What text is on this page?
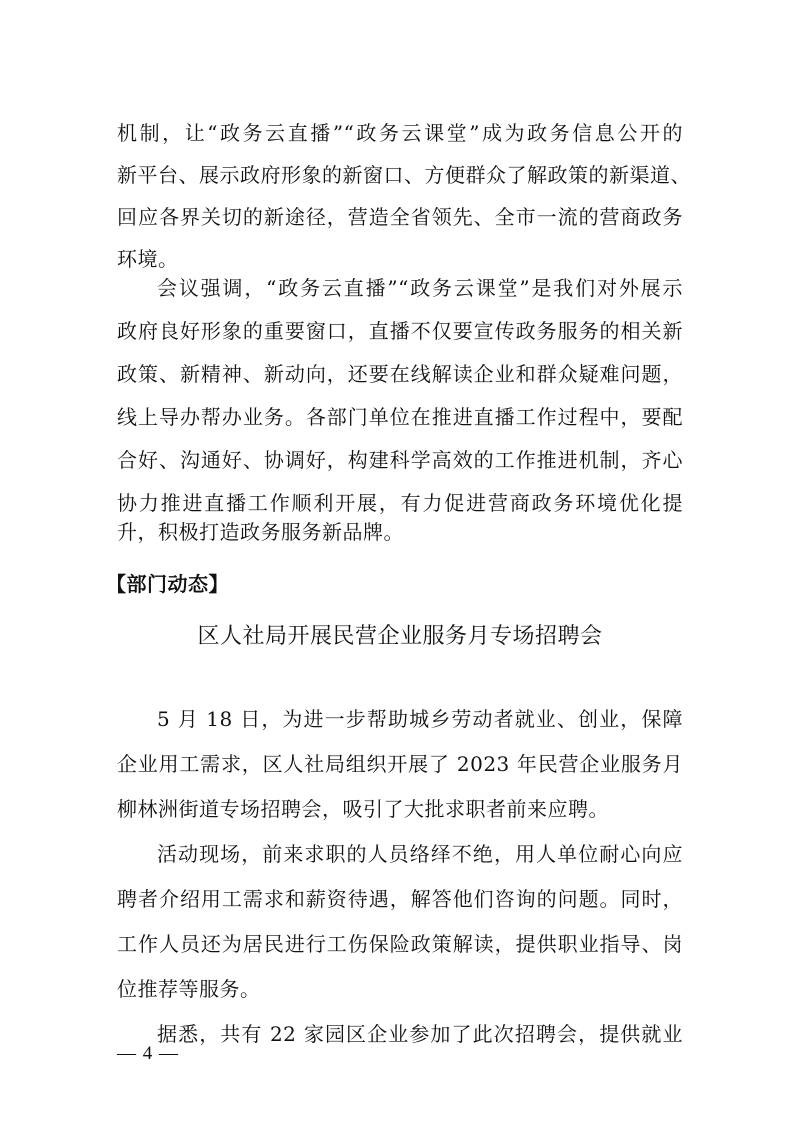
机制，让“政务云直播”“政务云课堂”成为政务信息公开的
新平台、展示政府形象的新窗口、方便群众了解政策的新渠道、
回应各界关切的新途径，营造全省领先、全市一流的营商政务
环境。
会议强调，“政务云直播”“政务云课堂”是我们对外展示
政府良好形象的重要窗口，直播不仅要宣传政务服务的相关新
政策、新精神、新动向，还要在线解读企业和群众疑难问题，
线上导办帮办业务。各部门单位在推进直播工作过程中，要配
合好、沟通好、协调好，构建科学高效的工作推进机制，齐心
协力推进直播工作顺利开展，有力促进营商政务环境优化提
升，积极打造政务服务新品牌。
【部门动态】
区人社局开展民营企业服务月专场招聘会
5 月 18 日，为进一步帮助城乡劳动者就业、创业，保障
企业用工需求，区人社局组织开展了 2023 年民营企业服务月
柳林洲街道专场招聘会，吸引了大批求职者前来应聘。
活动现场，前来求职的人员络绎不绝，用人单位耐心向应
聘者介绍用工需求和薪资待遇，解答他们咨询的问题。同时，
工作人员还为居民进行工伤保险政策解读，提供职业指导、岗
位推荐等服务。
据悉，共有 22 家园区企业参加了此次招聘会，提供就业
— 4 —
